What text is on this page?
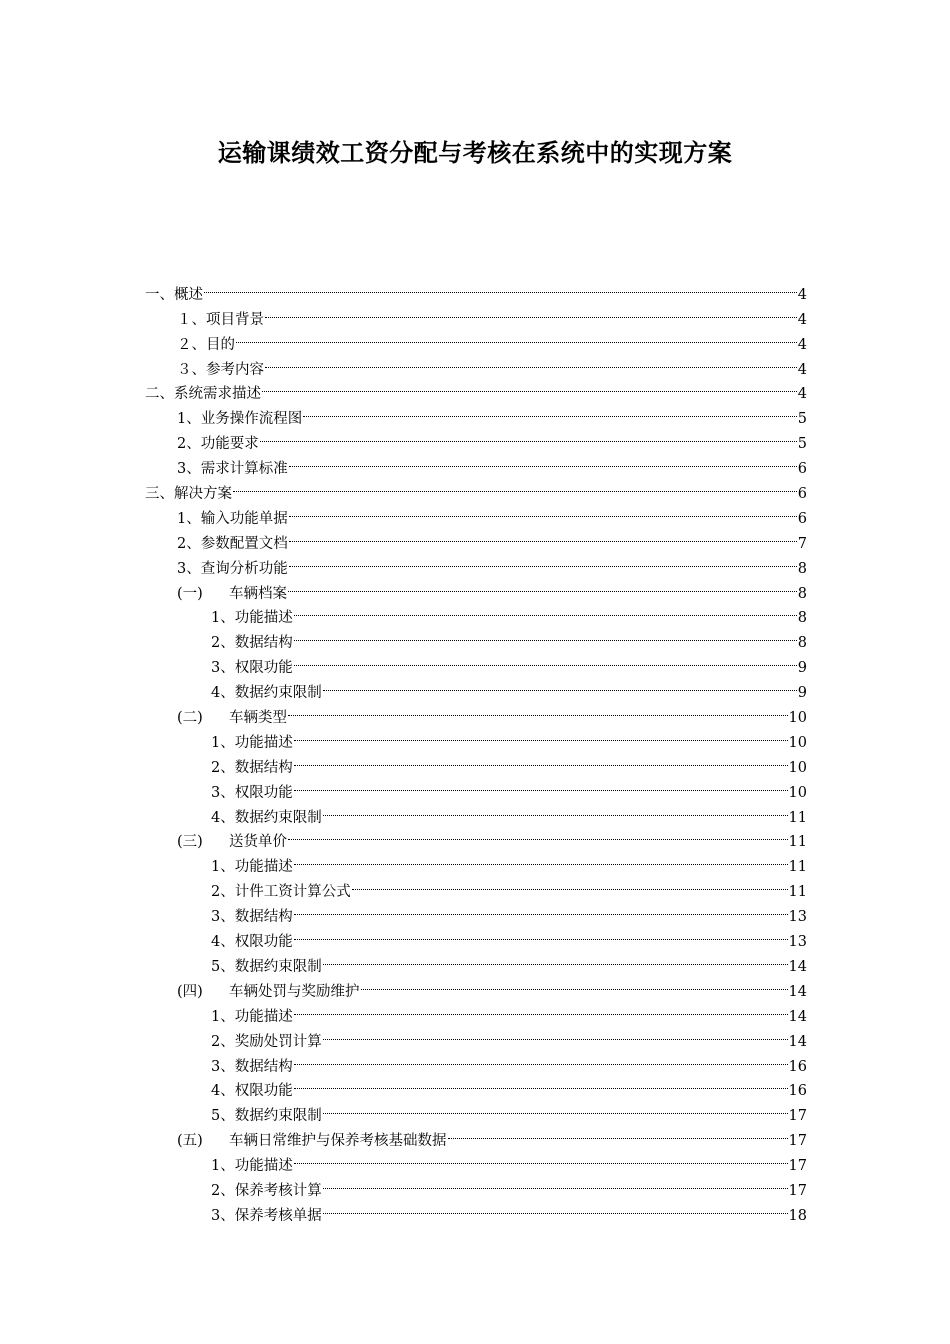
运输课绩效工资分配与考核在系统中的实现方案
一、 概述	4
１、 项目背景	4
２、 目的	4
３、 参考内容	4
二、 系统需求描述	4
1、 业务操作流程图	5
2、 功能要求	5
3、 需求计算标准	6
三、 解决方案	6
1、 输入功能单据	6
2、 参数配置文档	7
3、 查询分析功能	8
(一)	车辆档案	8
1、 功能描述	8
2、 数据结构	8
3、 权限功能	9
4、 数据约束限制	9
(二)	车辆类型	10
1、 功能描述	10
2、 数据结构	10
3、 权限功能	10
4、 数据约束限制	11
(三)	送货单价	11
1、 功能描述	11
2、 计件工资计算公式	11
3、 数据结构	13
4、 权限功能	13
5、 数据约束限制	14
(四)	车辆处罚与奖励维护	14
1、 功能描述	14
2、 奖励处罚计算	14
3、 数据结构	16
4、 权限功能	16
5、 数据约束限制	17
(五)	车辆日常维护与保养考核基础数据	17
1、 功能描述	17
2、 保养考核计算	17
3、 保养考核单据	18
